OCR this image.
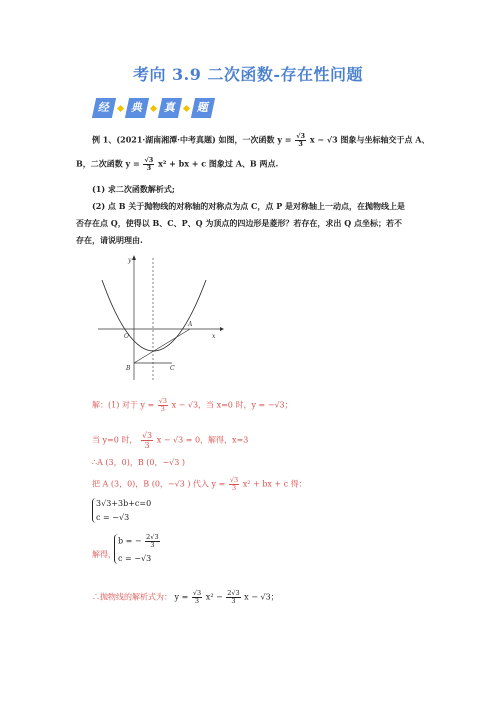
考向 3.9 二次函数-存在性问题
经	典	真	题
例 1、(2021·湖南湘潭·中考真题) 如图，一次函数 $y = \frac{√3}{3}$ x − √3 图象与坐标轴交于点 A、
B，二次函数 $y = \frac{√3}{3} x^2$ + bx + c 图象过 A、B 两点.
(1) 求二次函数解析式;
(2) 点 B 关于抛物线的对称轴的对称点为点 C，点 P 是对称轴上一动点，在抛物线上是
否存在点 Q，使得以 B、C、P、Q 为顶点的四边形是菱形？若存在，求出 Q 点坐标；若不
存在，请说明理由.
y
x
O
A
B	C
解：(1) 对于 $y = \frac{√3}{3}$ x − √3，当 x=0 时，y = −√3；
当 y=0 时， $\frac{√3}{3}$ x − √3 = 0，解得，x=3
∴A (3，0)，B (0，−√3 )
把 A (3，0)，B (0，−√3 ) 代入 $y = \frac{√3}{3} x^2$ + bx + c 得：
3√3+3b+c=0
c = −√3
解得，
b = − $\frac{2√3}{3}$
c = −√3
∴抛物线的解析式为： $y = \frac{√3}{3} x^2 - \frac{2√3}{3}$ x − √3；
